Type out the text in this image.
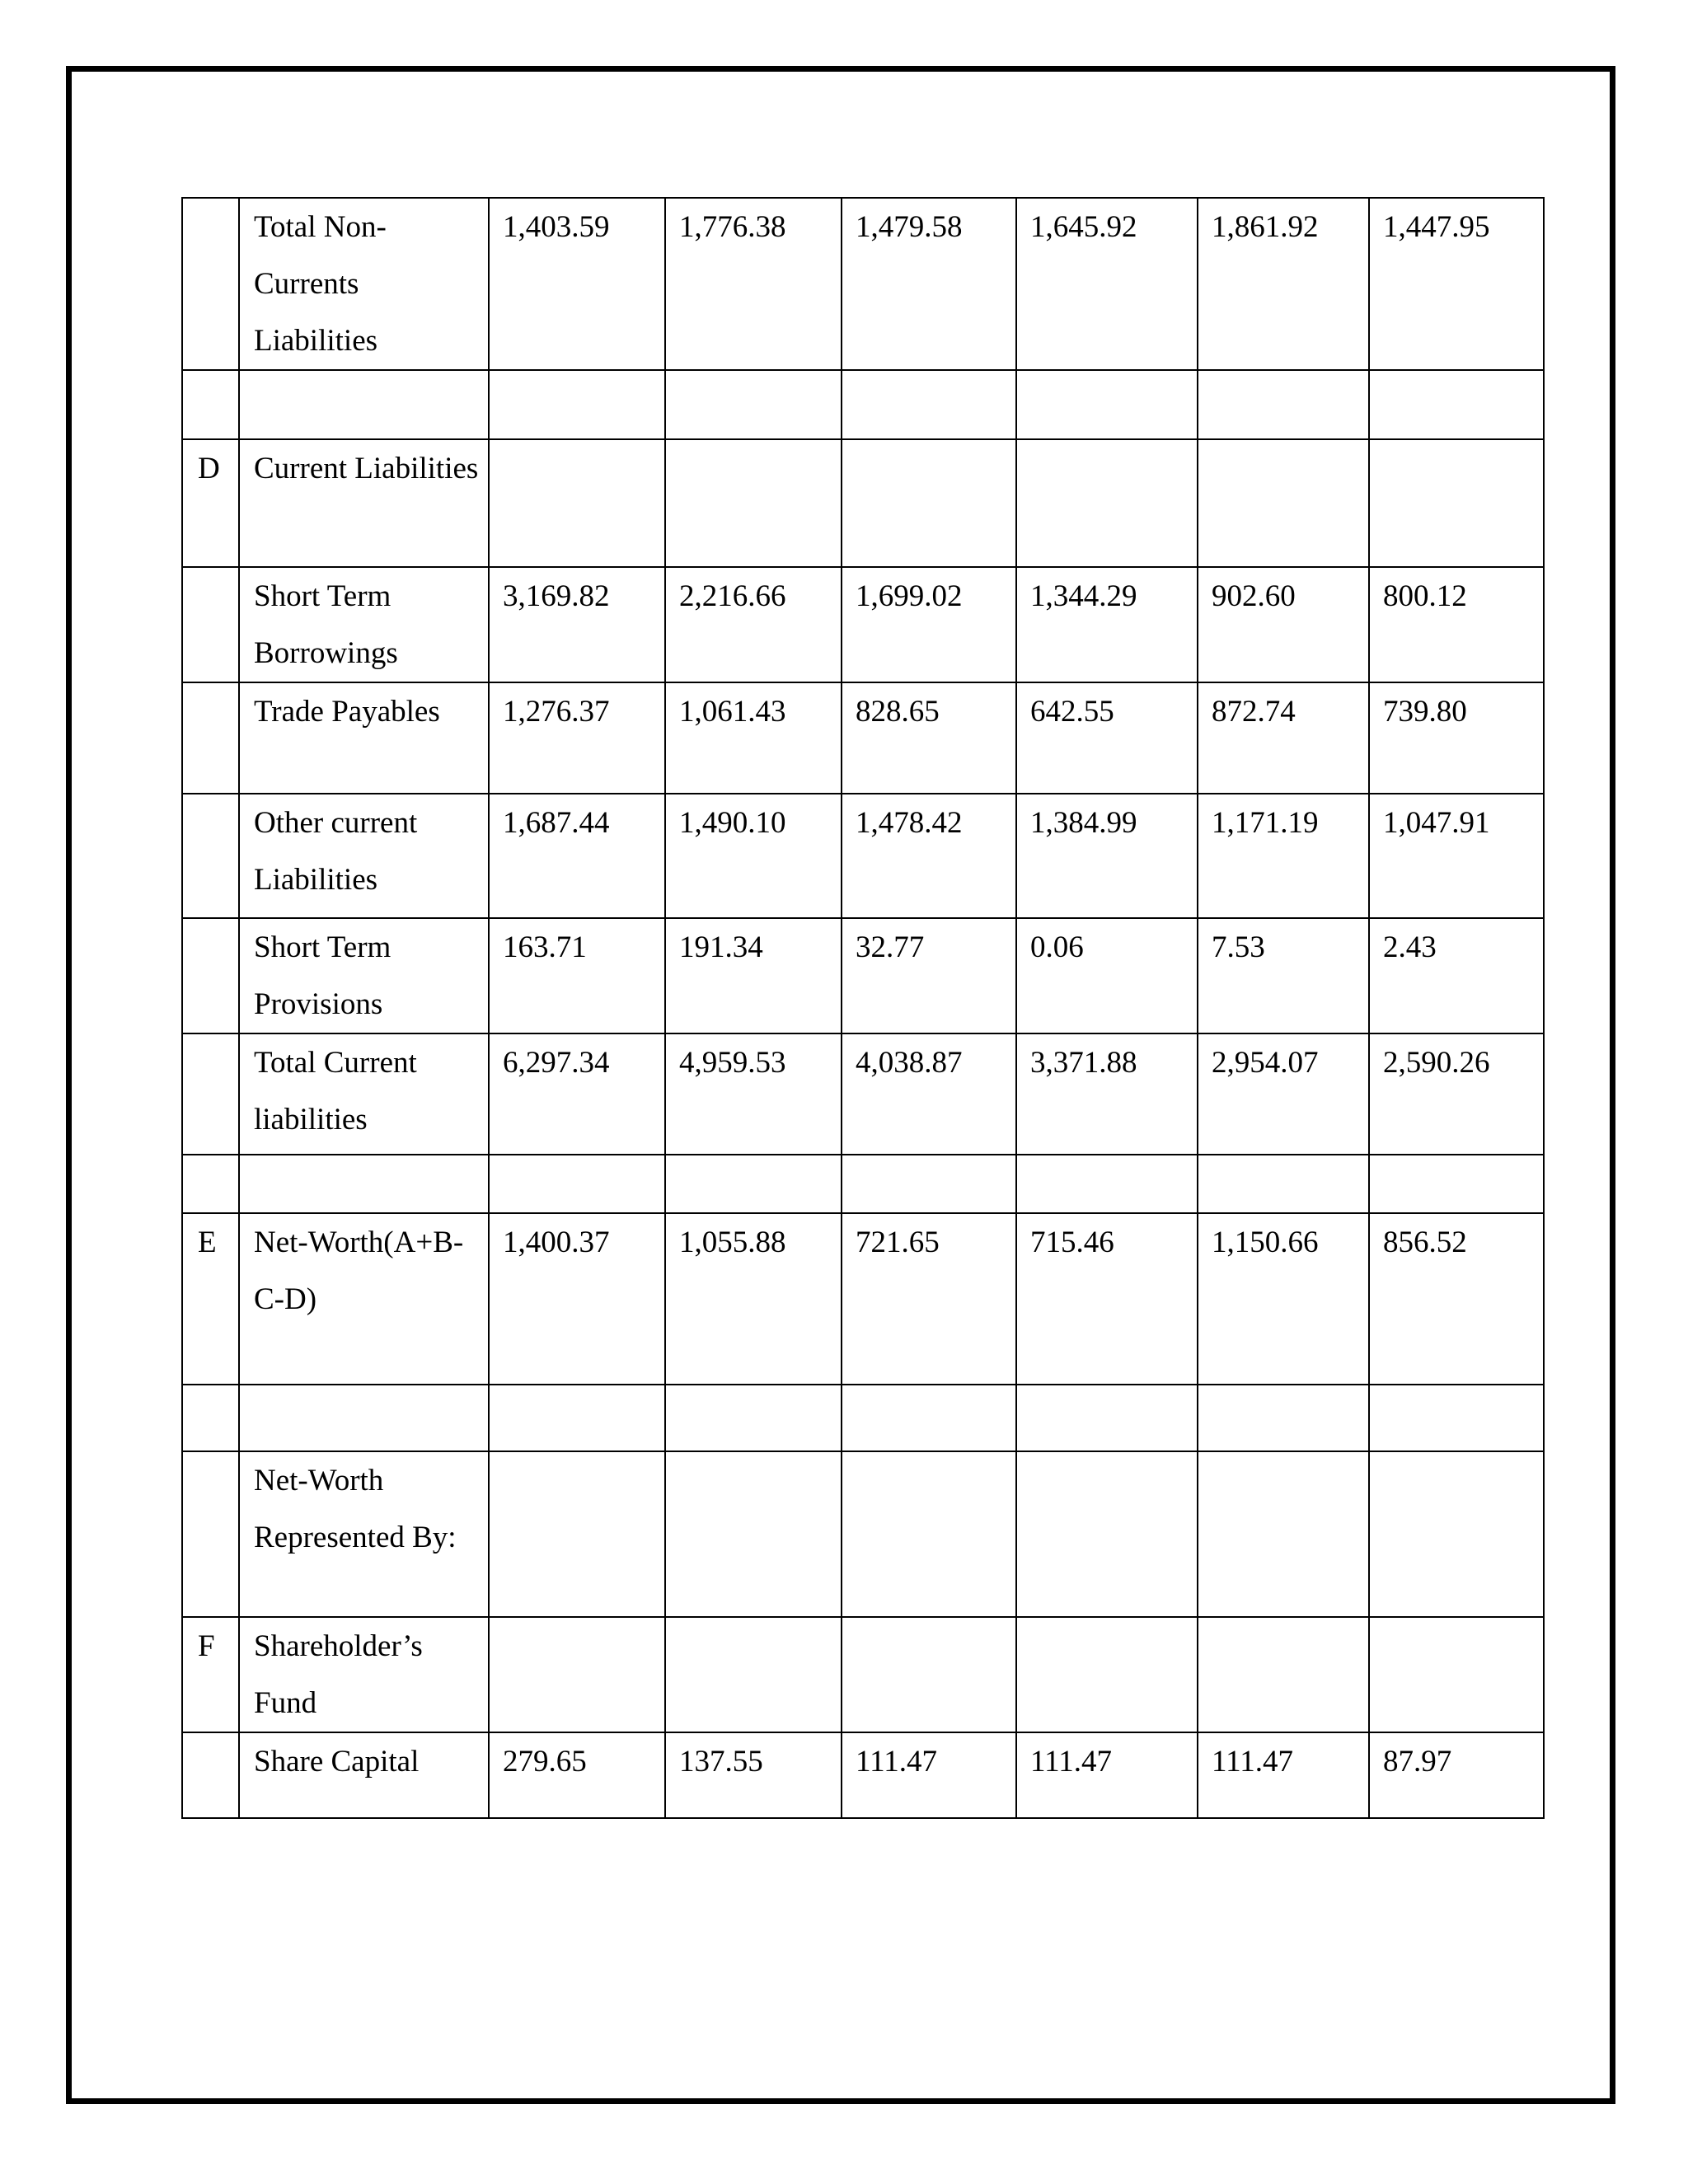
	Total Non-Currents Liabilities	1,403.59	1,776.38	1,479.58	1,645.92	1,861.92	1,447.95

D	Current Liabilities						
	Short Term Borrowings	3,169.82	2,216.66	1,699.02	1,344.29	902.60	800.12
	Trade Payables	1,276.37	1,061.43	828.65	642.55	872.74	739.80
	Other current Liabilities	1,687.44	1,490.10	1,478.42	1,384.99	1,171.19	1,047.91
	Short Term Provisions	163.71	191.34	32.77	0.06	7.53	2.43
	Total Current liabilities	6,297.34	4,959.53	4,038.87	3,371.88	2,954.07	2,590.26

E	Net-Worth(A+B-C-D)	1,400.37	1,055.88	721.65	715.46	1,150.66	856.52

	Net-Worth Represented By:						
F	Shareholder’s Fund						
	Share Capital	279.65	137.55	111.47	111.47	111.47	87.97
